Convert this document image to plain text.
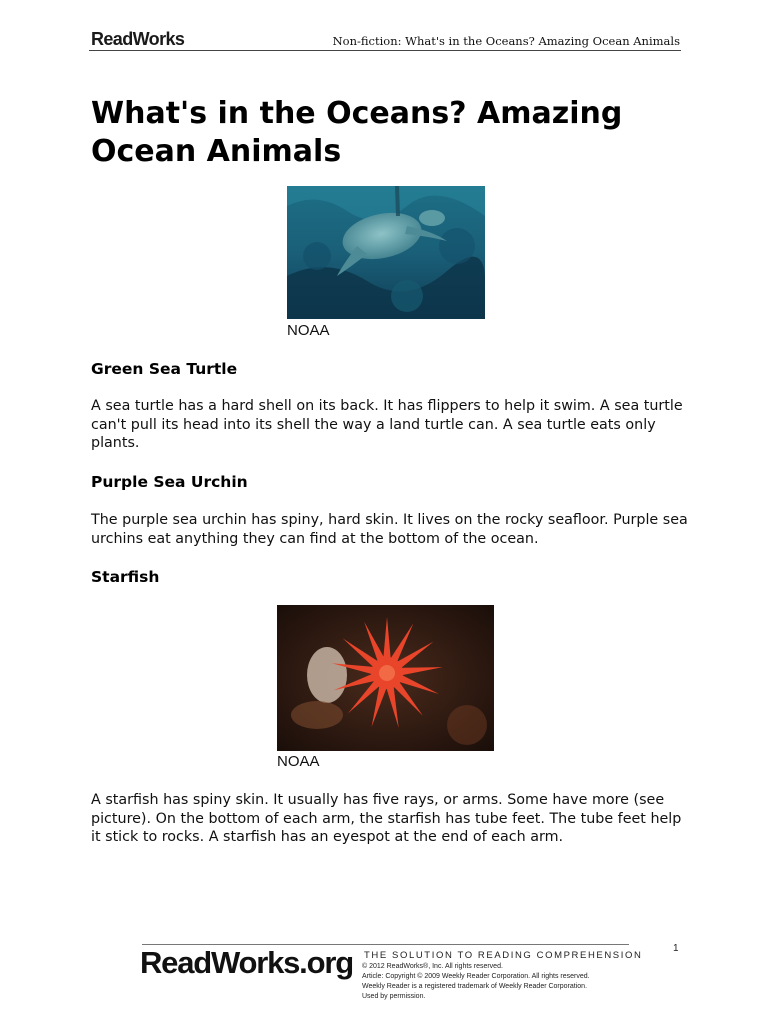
ReadWorks	Non-fiction: What's in the Oceans? Amazing Ocean Animals
What's in the Oceans? Amazing Ocean Animals
NOAA
Green Sea Turtle

A sea turtle has a hard shell on its back. It has flippers to help it swim. A sea turtle can't pull its head into its shell the way a land turtle can. A sea turtle eats only plants.

Purple Sea Urchin

The purple sea urchin has spiny, hard skin. It lives on the rocky seafloor. Purple sea urchins eat anything they can find at the bottom of the ocean.

Starfish
NOAA

A starfish has spiny skin. It usually has five rays, or arms. Some have more (see picture). On the bottom of each arm, the starfish has tube feet. The tube feet help it stick to rocks. A starfish has an eyespot at the end of each arm.

ReadWorks.org THE SOLUTION TO READING COMPREHENSION
© 2012 ReadWorks®, Inc. All rights reserved.
Article: Copyright © 2009 Weekly Reader Corporation. All rights reserved.
Weekly Reader is a registered trademark of Weekly Reader Corporation.
Used by permission.
1
